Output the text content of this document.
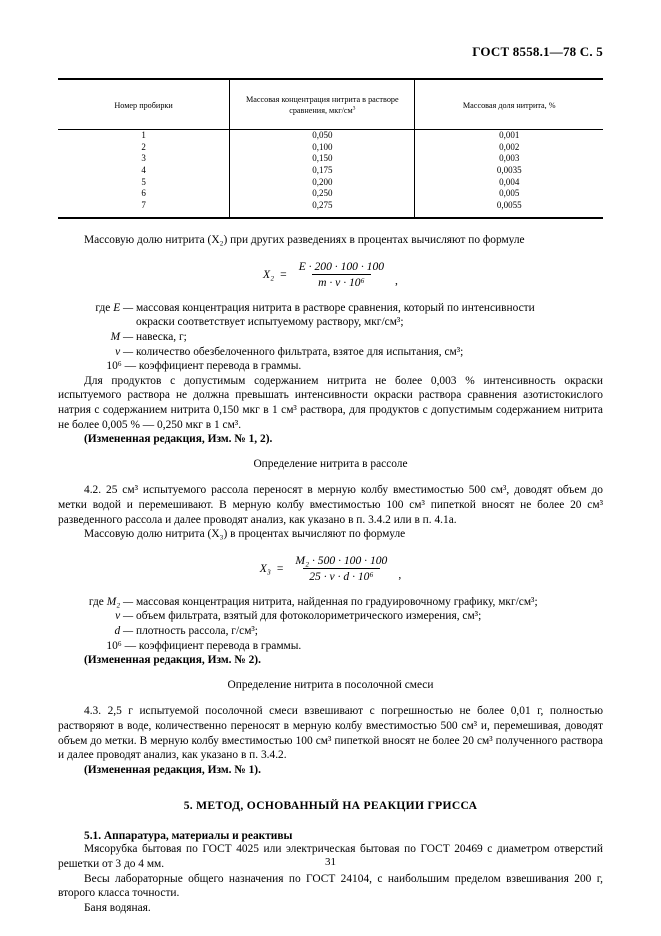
ГОСТ 8558.1—78 С. 5
Номер пробирки	Массовая концентрация нитрита в растворе сравнения, мкг/$см^3$	Массовая доля нитрита, %
1	0,050	0,001
2	0,100	0,002
3	0,150	0,003
4	0,175	0,0035
5	0,200	0,004
6	0,250	0,005
7	0,275	0,0055

Массовую долю нитрита (X₂) при других разведениях в процентах вычисляют по формуле

$X_2 = \frac{E \cdot 200 \cdot 100 \cdot 100}{\text{m · v · 10⁶}}$ ,
где E — массовая концентрация нитрита в растворе сравнения, который по интенсивности
окраски соответствует испытуемому раствору, мкг/см³;
M — навеска, г;
v — количество обезбелоченного фильтрата, взятое для испытания, см³;
10⁶ — коэффициент перевода в граммы.

Для продуктов с допустимым содержанием нитрита не более 0,003 % интенсивность окраски испытуемого раствора не должна превышать интенсивности окраски раствора сравнения азотистокислого натрия с содержанием нитрита 0,150 мкг в 1 см³ раствора, для продуктов с допустимым содержанием нитрита не более 0,005 % — 0,250 мкг в 1 см³.

(Измененная редакция, Изм. № 1, 2).

Определение нитрита в рассоле

4.2. 25 см³ испытуемого рассола переносят в мерную колбу вместимостью 500 см³, доводят объем до метки водой и перемешивают. В мерную колбу вместимостью 100 см³ пипеткой вносят не более 20 см³ разведенного рассола и далее проводят анализ, как указано в п. 3.4.2 или в п. 4.1а.

Массовую долю нитрита (X₃) в процентах вычисляют по формуле

$X_3 = \frac{\text{M₂ · 500 · 100 · 100}}{\text{25 · v · d · 10⁶}}$ ,
где M₂ — массовая концентрация нитрита, найденная по градуировочному графику, мкг/см³;
v — объем фильтрата, взятый для фотоколориметрического измерения, см³;
d — плотность рассола, г/см³;
10⁶ — коэффициент перевода в граммы.

(Измененная редакция, Изм. № 2).

Определение нитрита в посолочной смеси

4.3. 2,5 г испытуемой посолочной смеси взвешивают с погрешностью не более 0,01 г, полностью растворяют в воде, количественно переносят в мерную колбу вместимостью 500 см³ и, перемешивая, доводят объем до метки. В мерную колбу вместимостью 100 см³ пипеткой вносят не более 20 см³ полученного раствора и далее проводят анализ, как указано в п. 3.4.2.

(Измененная редакция, Изм. № 1).

5. МЕТОД, ОСНОВАННЫЙ НА РЕАКЦИИ ГРИССА
5.1. Аппаратура, материалы и реактивы

Мясорубка бытовая по ГОСТ 4025 или электрическая бытовая по ГОСТ 20469 с диаметром отверстий решетки от 3 до 4 мм.

Весы лабораторные общего назначения по ГОСТ 24104, с наибольшим пределом взвешивания 200 г, второго класса точности.

Баня водяная.

31
